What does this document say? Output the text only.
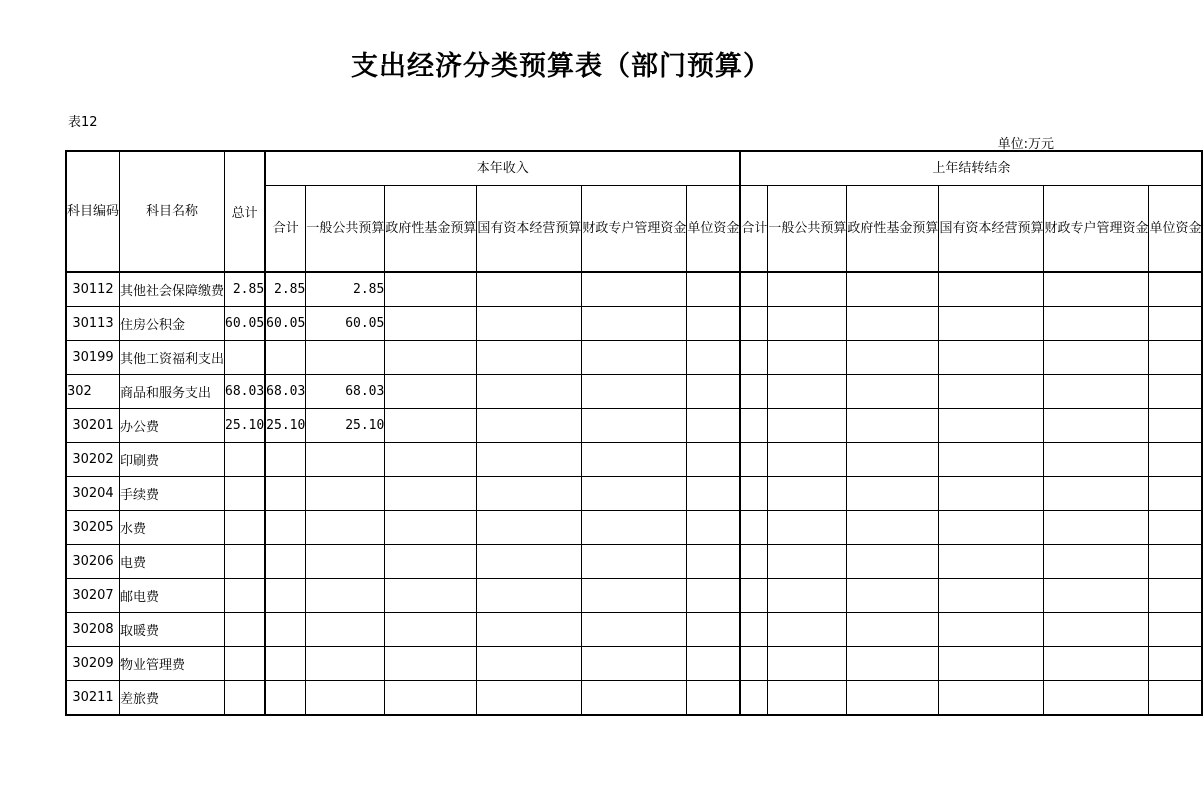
支出经济分类预算表（部门预算）
表12
单位:万元
科目编码	科目名称	总计	本年收入						上年结转结余					
			合计	一般公共预算	政府性基金预算	国有资本经营预算	财政专户管理资金	单位资金	合计	一般公共预算	政府性基金预算	国有资本经营预算	财政专户管理资金	单位资金
30112	其他社会保障缴费	2.85	2.85	2.85										
30113	住房公积金	60.05	60.05	60.05										
30199	其他工资福利支出													
302	商品和服务支出	68.03	68.03	68.03										
30201	办公费	25.10	25.10	25.10										
30202	印刷费													
30204	手续费													
30205	水费													
30206	电费													
30207	邮电费													
30208	取暖费													
30209	物业管理费													
30211	差旅费													
